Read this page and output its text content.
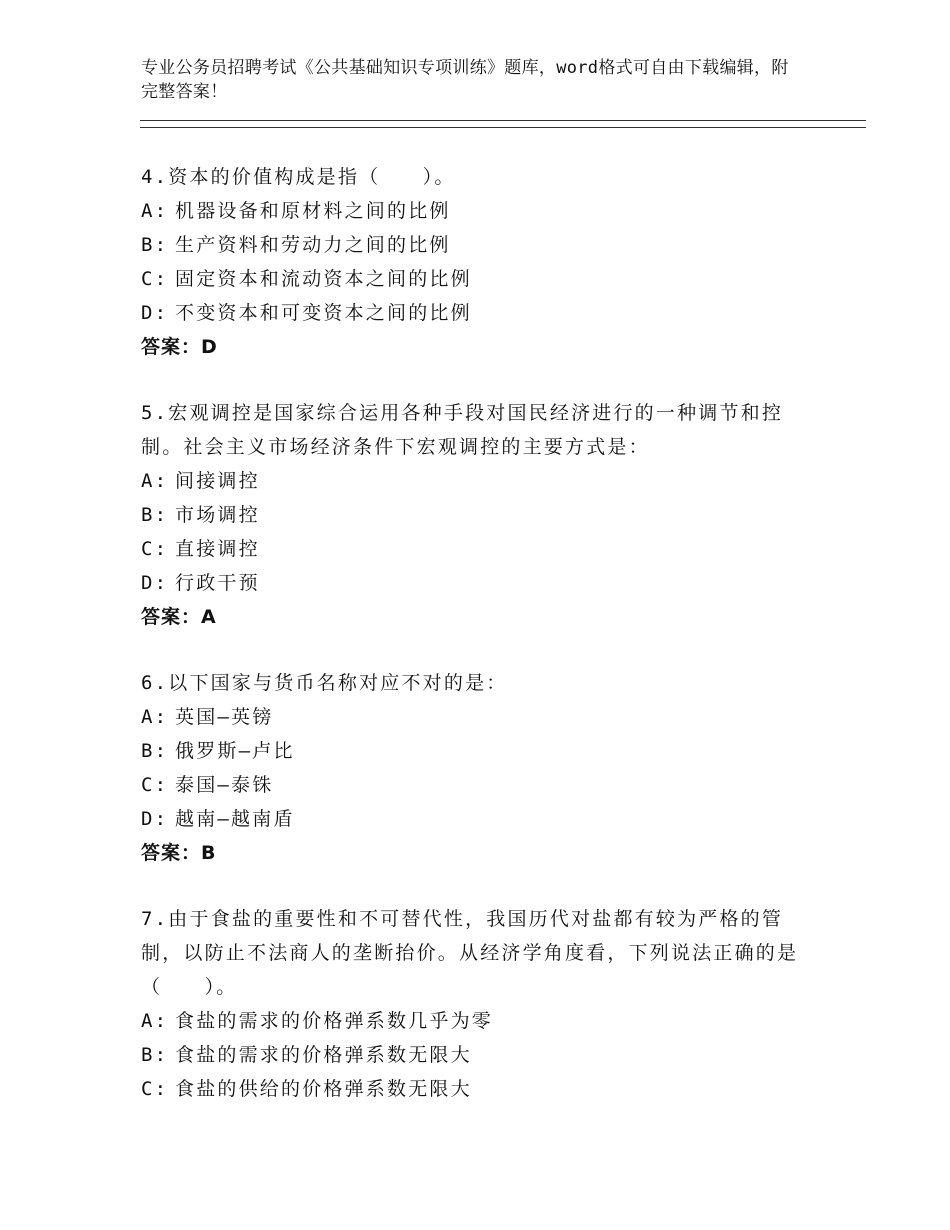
专业公务员招聘考试《公共基础知识专项训练》题库，word格式可自由下载编辑，附完整答案！
4.资本的价值构成是指（　　）。
A: 机器设备和原材料之间的比例
B: 生产资料和劳动力之间的比例
C: 固定资本和流动资本之间的比例
D: 不变资本和可变资本之间的比例
答案：D
5.宏观调控是国家综合运用各种手段对国民经济进行的一种调节和控制。社会主义市场经济条件下宏观调控的主要方式是：
A: 间接调控
B: 市场调控
C: 直接调控
D: 行政干预
答案：A
6.以下国家与货币名称对应不对的是：
A: 英国—英镑
B: 俄罗斯—卢比
C: 泰国—泰铢
D: 越南—越南盾
答案：B
7.由于食盐的重要性和不可替代性，我国历代对盐都有较为严格的管制，以防止不法商人的垄断抬价。从经济学角度看，下列说法正确的是（　　）。
A: 食盐的需求的价格弹系数几乎为零
B: 食盐的需求的价格弹系数无限大
C: 食盐的供给的价格弹系数无限大
